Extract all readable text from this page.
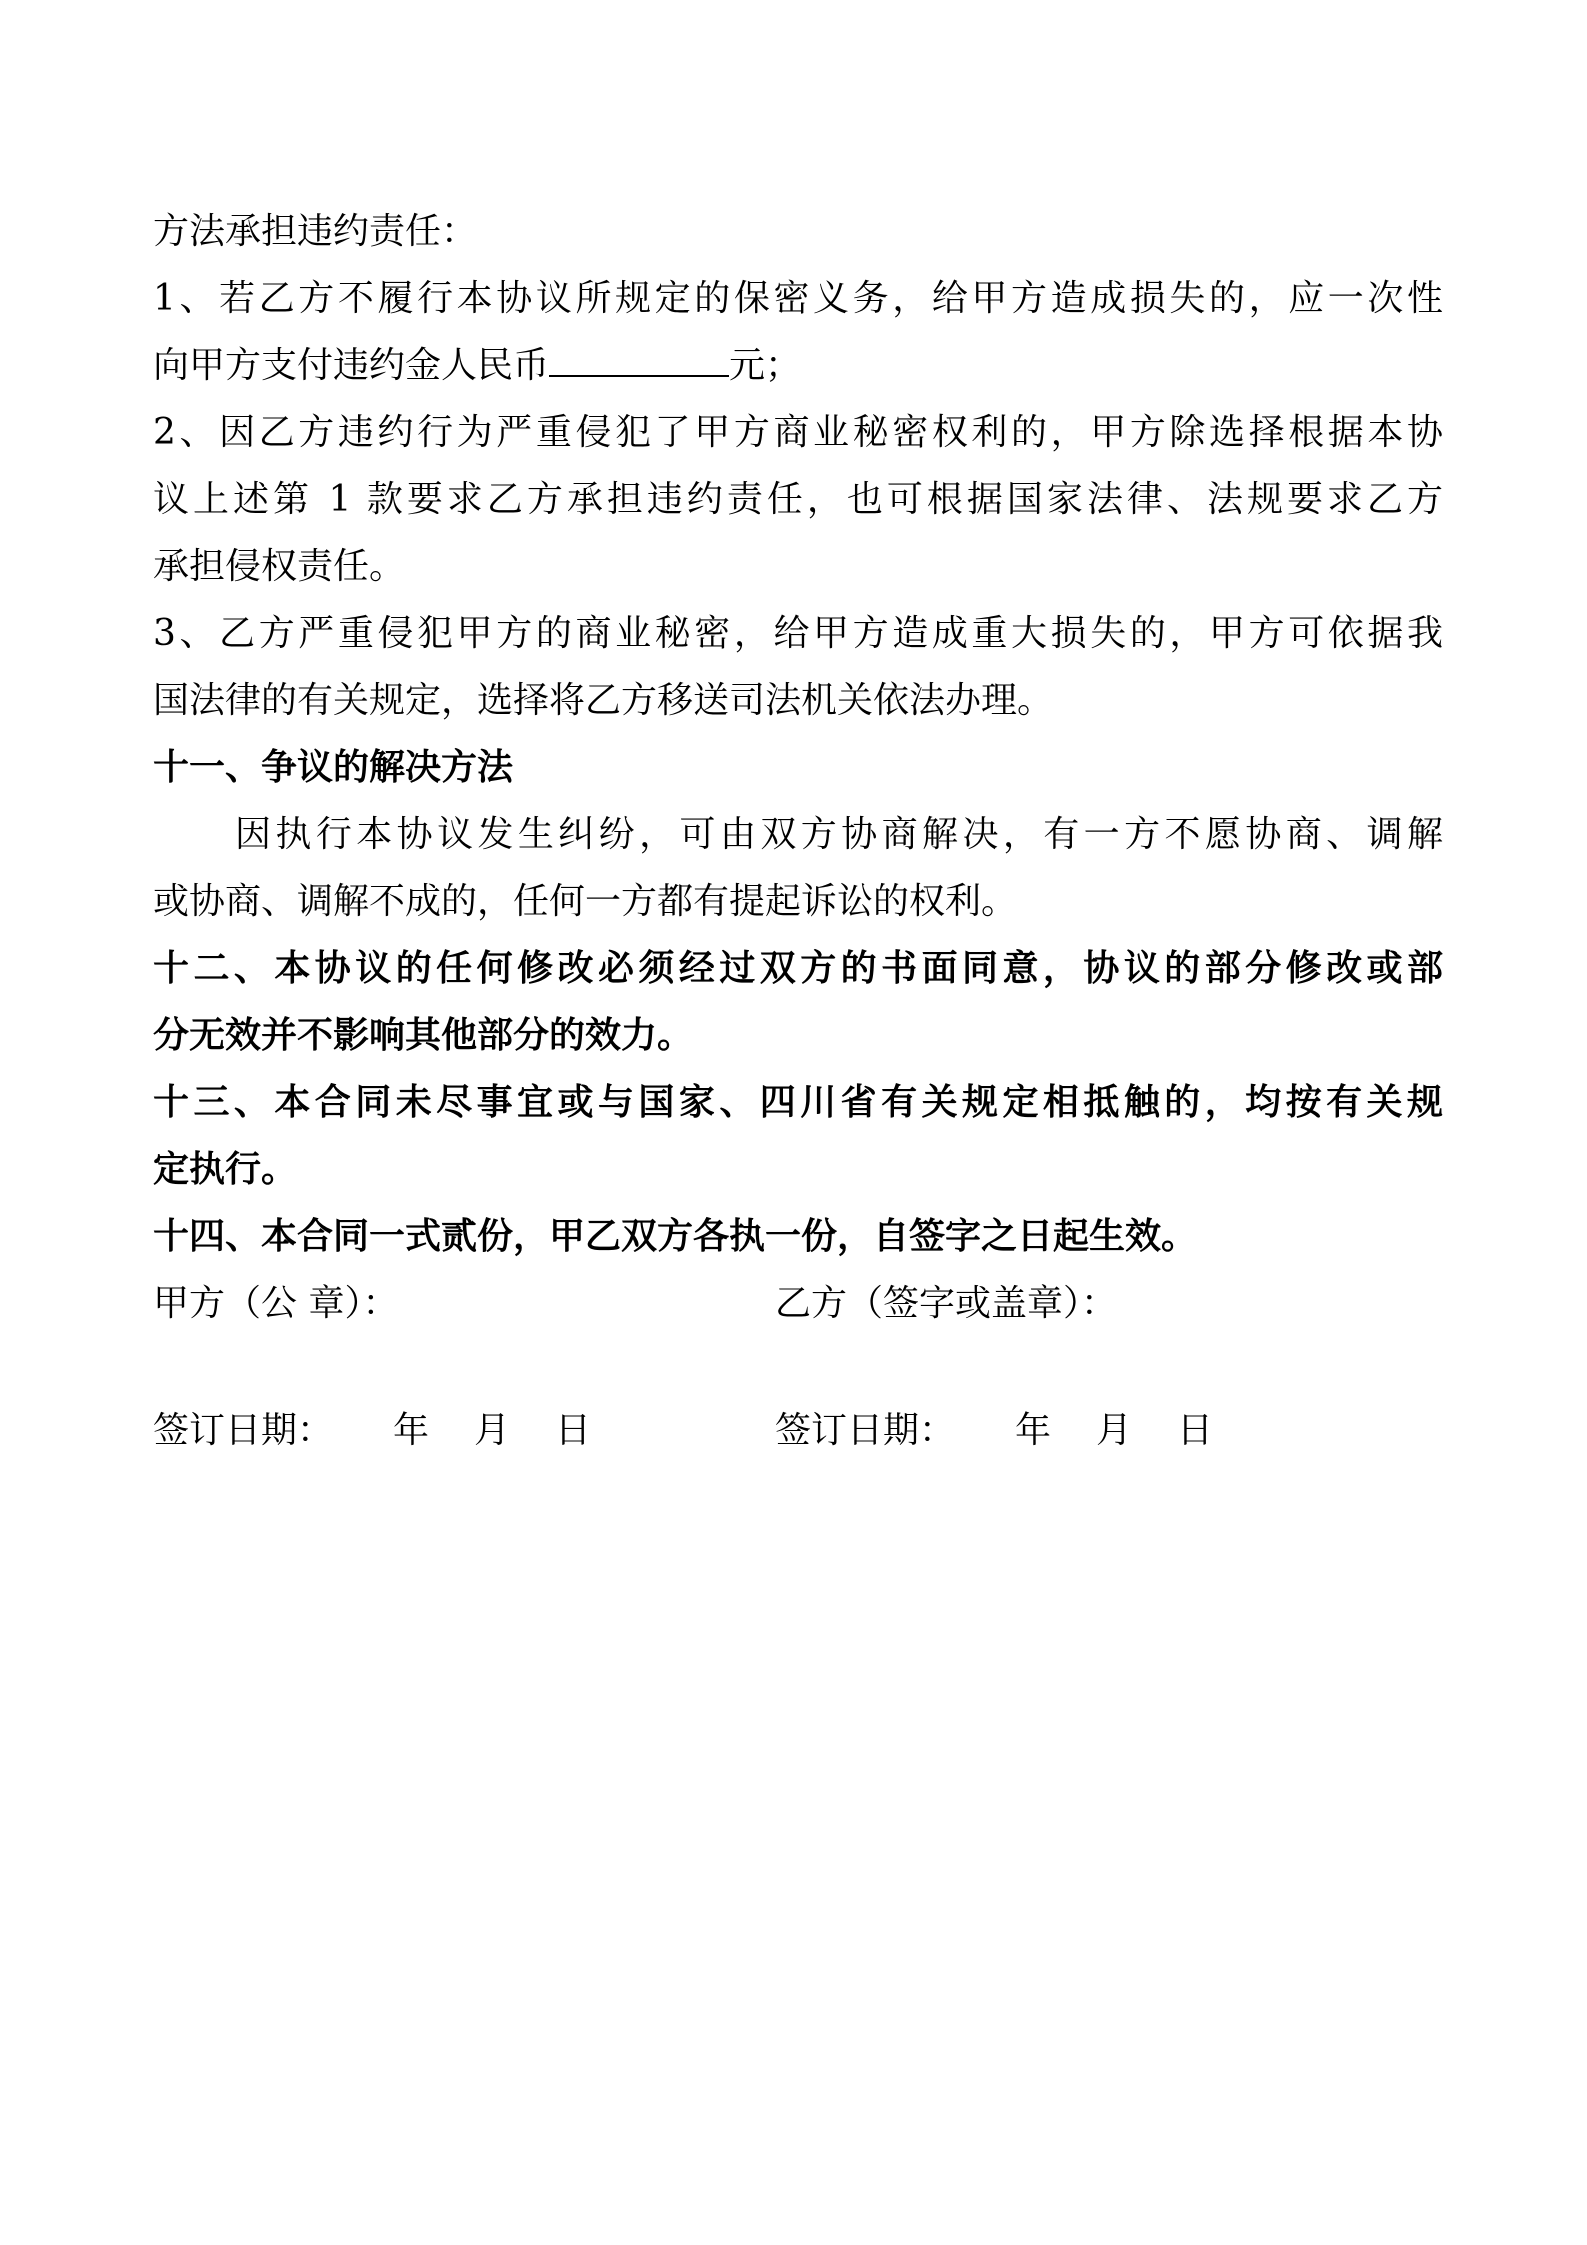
方法承担违约责任：
1、若乙方不履行本协议所规定的保密义务，给甲方造成损失的，应一次性
向甲方支付违约金人民币	元；
2、因乙方违约行为严重侵犯了甲方商业秘密权利的，甲方除选择根据本协
议上述第 1 款要求乙方承担违约责任，也可根据国家法律、法规要求乙方
承担侵权责任。
3、乙方严重侵犯甲方的商业秘密，给甲方造成重大损失的，甲方可依据我
国法律的有关规定，选择将乙方移送司法机关依法办理。
十一、争议的解决方法
因执行本协议发生纠纷，可由双方协商解决，有一方不愿协商、调解
或协商、调解不成的，任何一方都有提起诉讼的权利。
十二、本协议的任何修改必须经过双方的书面同意，协议的部分修改或部
分无效并不影响其他部分的效力。
十三、本合同未尽事宜或与国家、四川省有关规定相抵触的，均按有关规
定执行。
十四、本合同一式贰份，甲乙双方各执一份，自签字之日起生效。
甲方（公 章）：	乙方（签字或盖章）：
签订日期： 年 月 日	签订日期： 年 月 日
